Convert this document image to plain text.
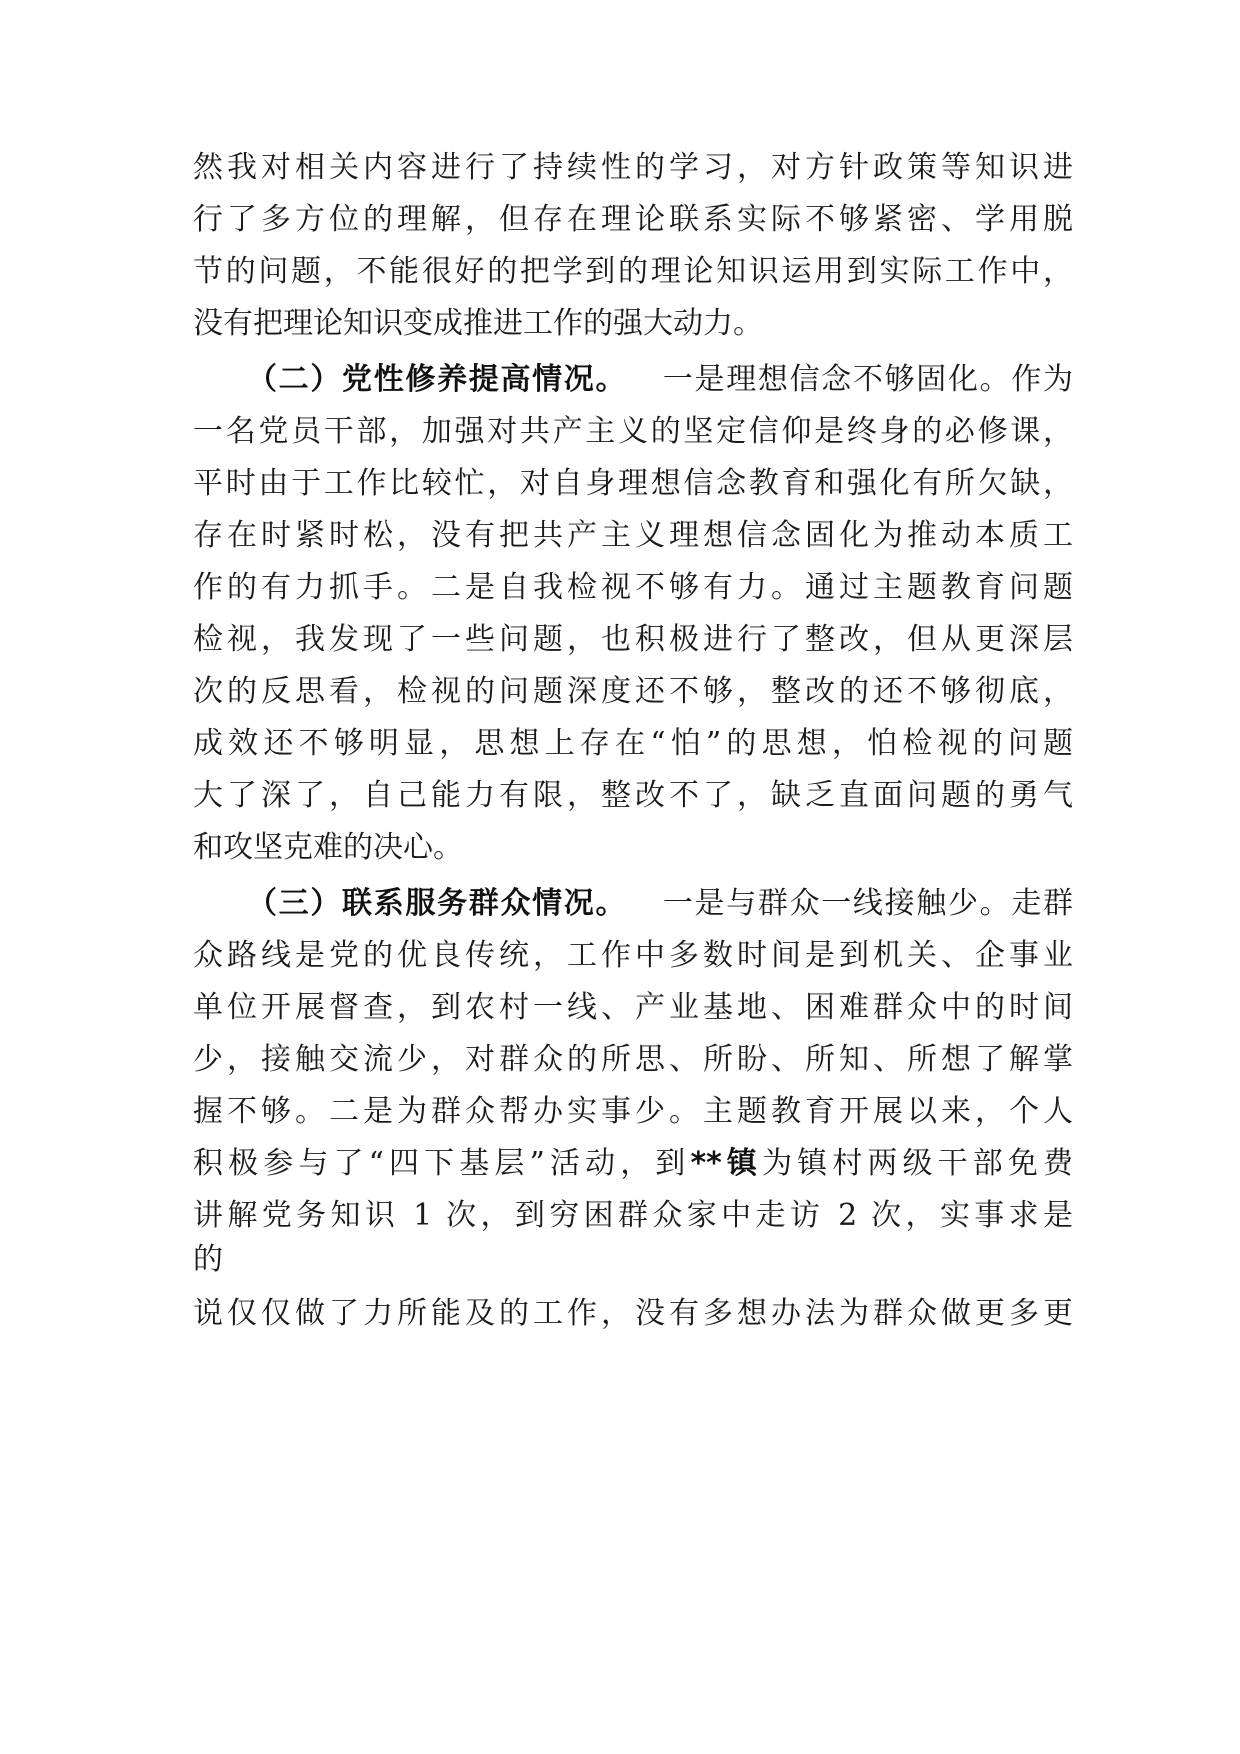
然我对相关内容进行了持续性的学习，对方针政策等知识进

行了多方位的理解，但存在理论联系实际不够紧密、学用脱

节的问题，不能很好的把学到的理论知识运用到实际工作中，

没有把理论知识变成推进工作的强大动力。

（二）党性修养提高情况。 一是理想信念不够固化。作为

一名党员干部，加强对共产主义的坚定信仰是终身的必修课，

平时由于工作比较忙，对自身理想信念教育和强化有所欠缺，

存在时紧时松，没有把共产主义理想信念固化为推动本质工

作的有力抓手。二是自我检视不够有力。通过主题教育问题

检视，我发现了一些问题，也积极进行了整改，但从更深层

次的反思看，检视的问题深度还不够，整改的还不够彻底，

成效还不够明显，思想上存在“怕”的思想，怕检视的问题

大了深了，自己能力有限，整改不了，缺乏直面问题的勇气

和攻坚克难的决心。

（三）联系服务群众情况。 一是与群众一线接触少。走群

众路线是党的优良传统，工作中多数时间是到机关、企事业

单位开展督查，到农村一线、产业基地、困难群众中的时间

少，接触交流少，对群众的所思、所盼、所知、所想了解掌

握不够。二是为群众帮办实事少。主题教育开展以来，个人

积极参与了“四下基层”活动，到**镇为镇村两级干部免费

讲解党务知识 1 次，到穷困群众家中走访 2 次，实事求是

的

说仅仅做了力所能及的工作，没有多想办法为群众做更多更
